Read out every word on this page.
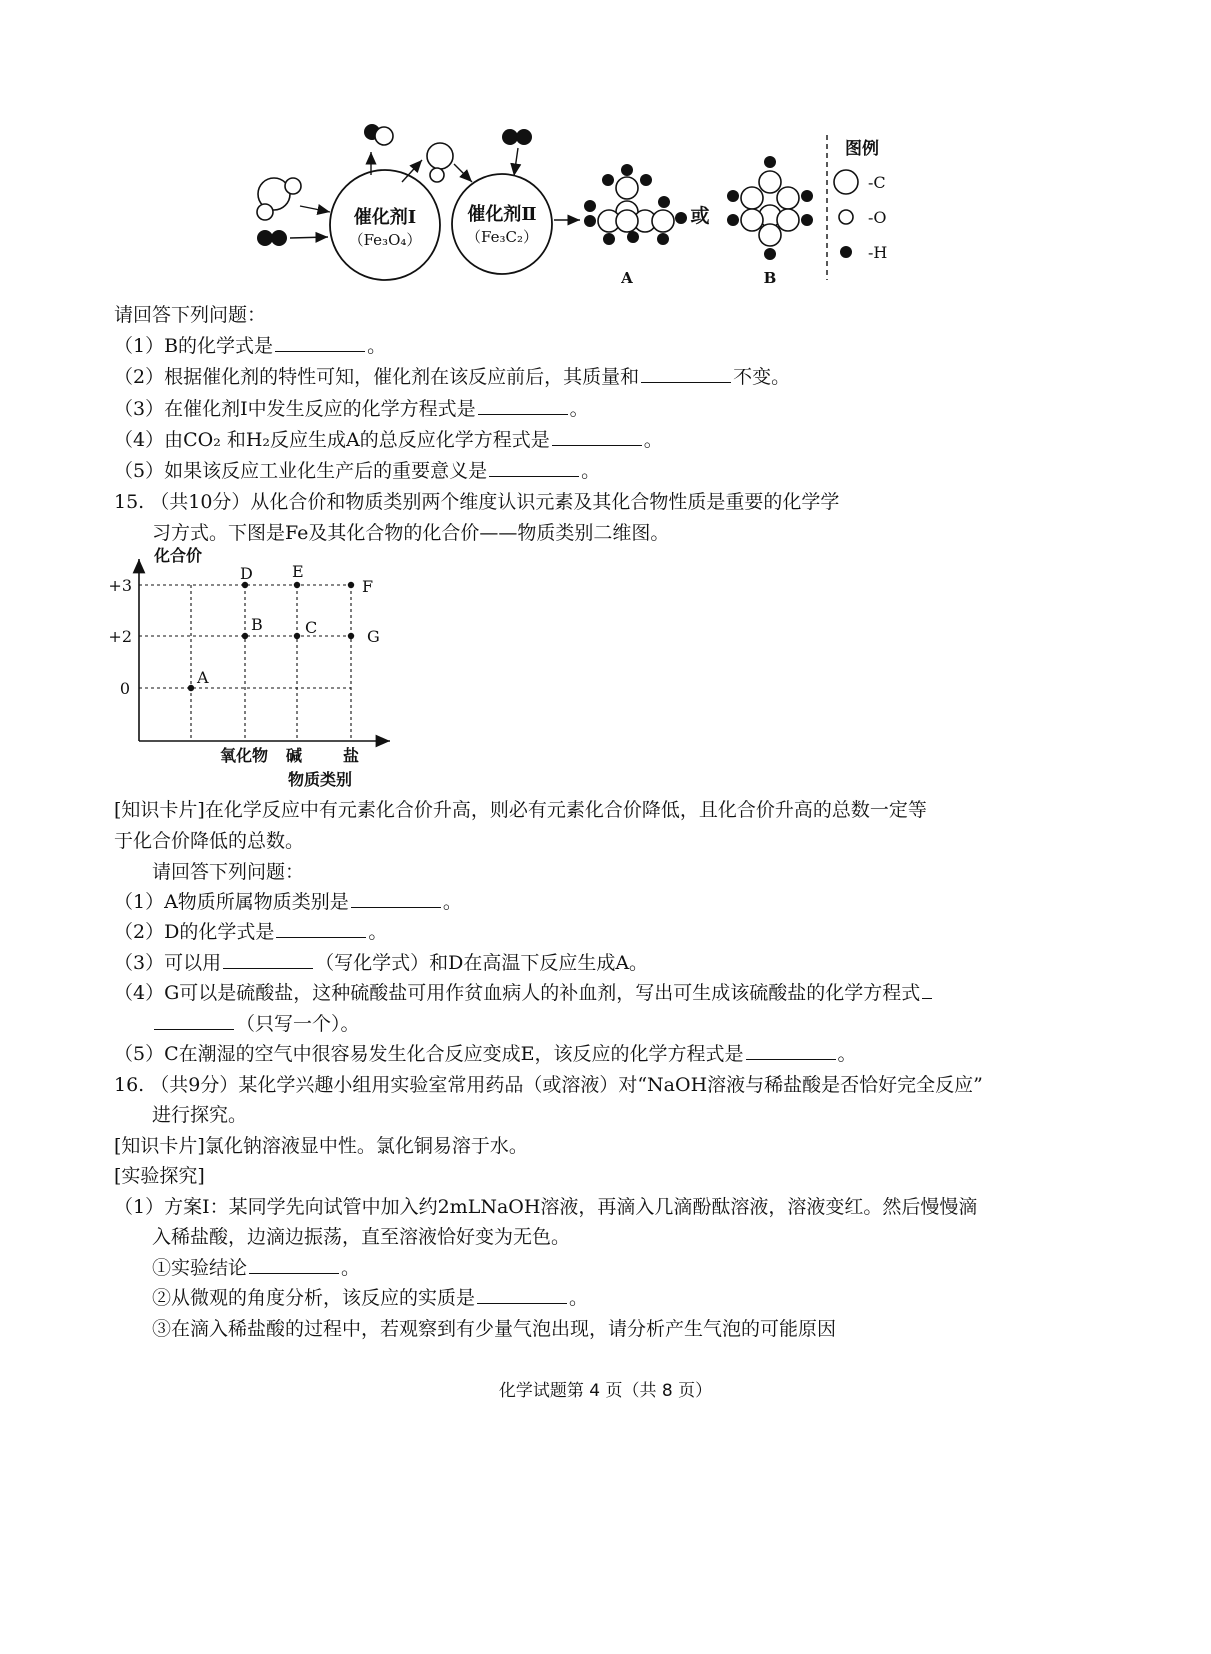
催化剂Ⅰ
（Fe₃O₄）
催化剂Ⅱ
（Fe₃C₂）
A
或
B
图例
-C
-O
-H
请回答下列问题：
（1）B的化学式是	。
（2）根据催化剂的特性可知，催化剂在该反应前后，其质量和	不变。
（3）在催化剂Ⅰ中发生反应的化学方程式是	。
（4）由CO₂ 和H₂反应生成A的总反应化学方程式是	。
（5）如果该反应工业化生产后的重要意义是	。
15. （共10分）从化合价和物质类别两个维度认识元素及其化合物性质是重要的化学学
习方式。下图是Fe及其化合物的化合价——物质类别二维图。
化合价
物质类别
+3
+2
0
氧化物 碱	盐
A
B	C
D E
F
G
[知识卡片]在化学反应中有元素化合价升高，则必有元素化合价降低，且化合价升高的总数一定等
于化合价降低的总数。
请回答下列问题：
（1）A物质所属物质类别是	。
（2）D的化学式是	。
（3）可以用	（写化学式）和D在高温下反应生成A。
（4）G可以是硫酸盐，这种硫酸盐可用作贫血病人的补血剂，写出可生成该硫酸盐的化学方程式
（只写一个）。
（5）C在潮湿的空气中很容易发生化合反应变成E，该反应的化学方程式是	。
16. （共9分）某化学兴趣小组用实验室常用药品（或溶液）对“NaOH溶液与稀盐酸是否恰好完全反应”
进行探究。
[知识卡片]氯化钠溶液显中性。氯化铜易溶于水。
[实验探究]
（1）方案Ⅰ：某同学先向试管中加入约2mLNaOH溶液，再滴入几滴酚酞溶液，溶液变红。然后慢慢滴
入稀盐酸，边滴边振荡，直至溶液恰好变为无色。
①实验结论	。
②从微观的角度分析，该反应的实质是	。
③在滴入稀盐酸的过程中，若观察到有少量气泡出现，请分析产生气泡的可能原因
化学试题第 4 页（共 8 页）
